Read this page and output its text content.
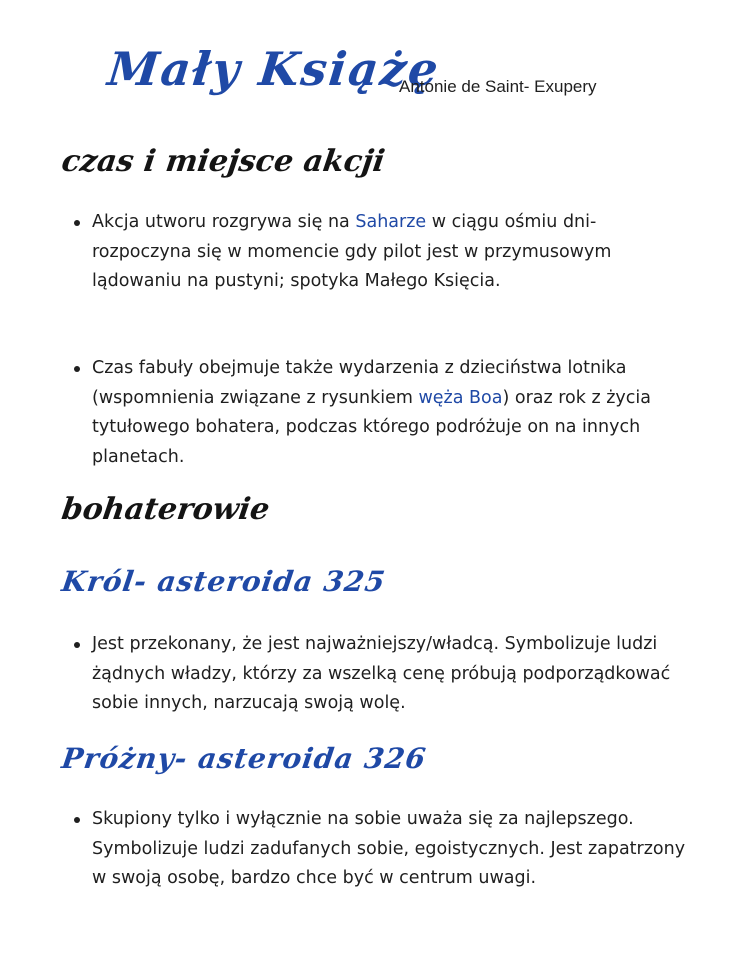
Mały Książę
Antonie de Saint- Exupery
czas i miejsce akcji
Akcja utworu rozgrywa się na Saharze w ciągu ośmiu dni- rozpoczyna się w momencie gdy pilot jest w przymusowym lądowaniu na pustyni; spotyka Małego Księcia.
Czas fabuły obejmuje także wydarzenia z dzieciństwa lotnika (wspomnienia związane z rysunkiem węża Boa) oraz rok z życia tytułowego bohatera, podczas którego podróżuje on na innych planetach.
bohaterowie
Król- asteroida 325
Jest przekonany, że jest najważniejszy/władcą. Symbolizuje ludzi żądnych władzy, którzy za wszelką cenę próbują podporządkować sobie innych, narzucają swoją wolę.
Próżny- asteroida 326
Skupiony tylko i wyłącznie na sobie uważa się za najlepszego. Symbolizuje ludzi zadufanych sobie, egoistycznych. Jest zapatrzony w swoją osobę, bardzo chce być w centrum uwagi.
